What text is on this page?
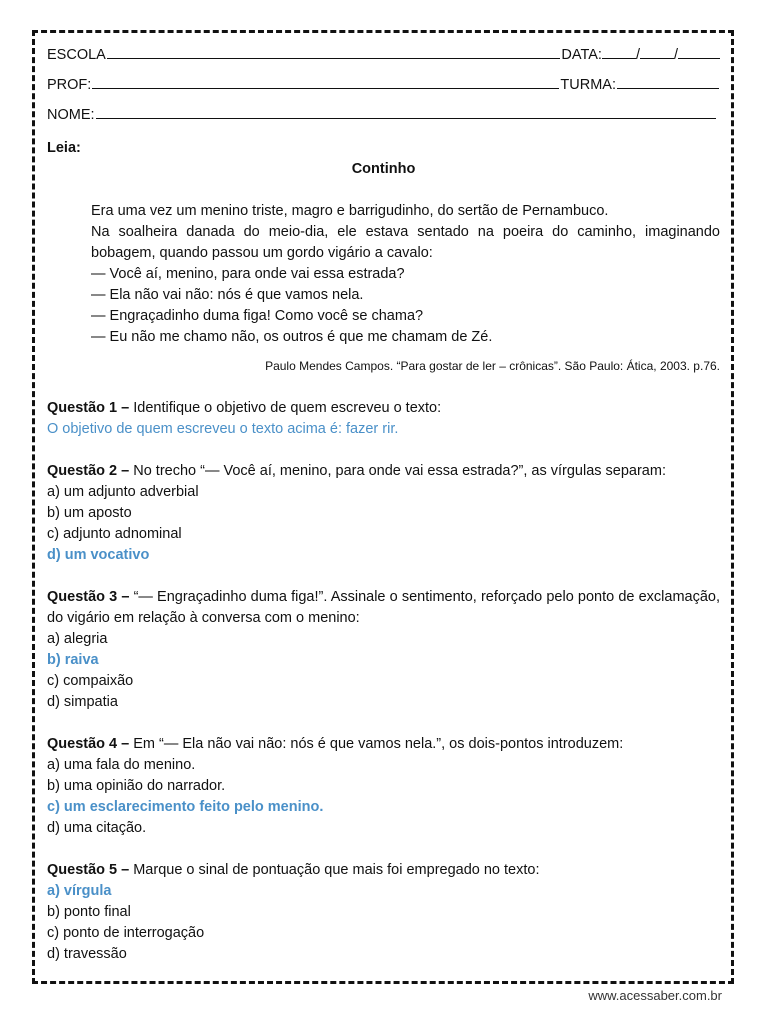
ESCOLA	DATA: / /
PROF:	TURMA:
NOME:
Leia:
Continho
Era uma vez um menino triste, magro e barrigudinho, do sertão de Pernambuco.
Na soalheira danada do meio-dia, ele estava sentado na poeira do caminho, imaginando bobagem, quando passou um gordo vigário a cavalo:
— Você aí, menino, para onde vai essa estrada?
— Ela não vai não: nós é que vamos nela.
— Engraçadinho duma figa! Como você se chama?
— Eu não me chamo não, os outros é que me chamam de Zé.
Paulo Mendes Campos. “Para gostar de ler – crônicas”. São Paulo: Ática, 2003. p.76.
Questão 1 – Identifique o objetivo de quem escreveu o texto:
O objetivo de quem escreveu o texto acima é: fazer rir.
Questão 2 – No trecho “— Você aí, menino, para onde vai essa estrada?”, as vírgulas separam:
a) um adjunto adverbial
b) um aposto
c) adjunto adnominal
d) um vocativo
Questão 3 – “— Engraçadinho duma figa!”. Assinale o sentimento, reforçado pelo ponto de exclamação, do vigário em relação à conversa com o menino:
a) alegria
b) raiva
c) compaixão
d) simpatia
Questão 4 – Em “— Ela não vai não: nós é que vamos nela.”, os dois-pontos introduzem:
a) uma fala do menino.
b) uma opinião do narrador.
c) um esclarecimento feito pelo menino.
d) uma citação.
Questão 5 – Marque o sinal de pontuação que mais foi empregado no texto:
a) vírgula
b) ponto final
c) ponto de interrogação
d) travessão
www.acessaber.com.br
